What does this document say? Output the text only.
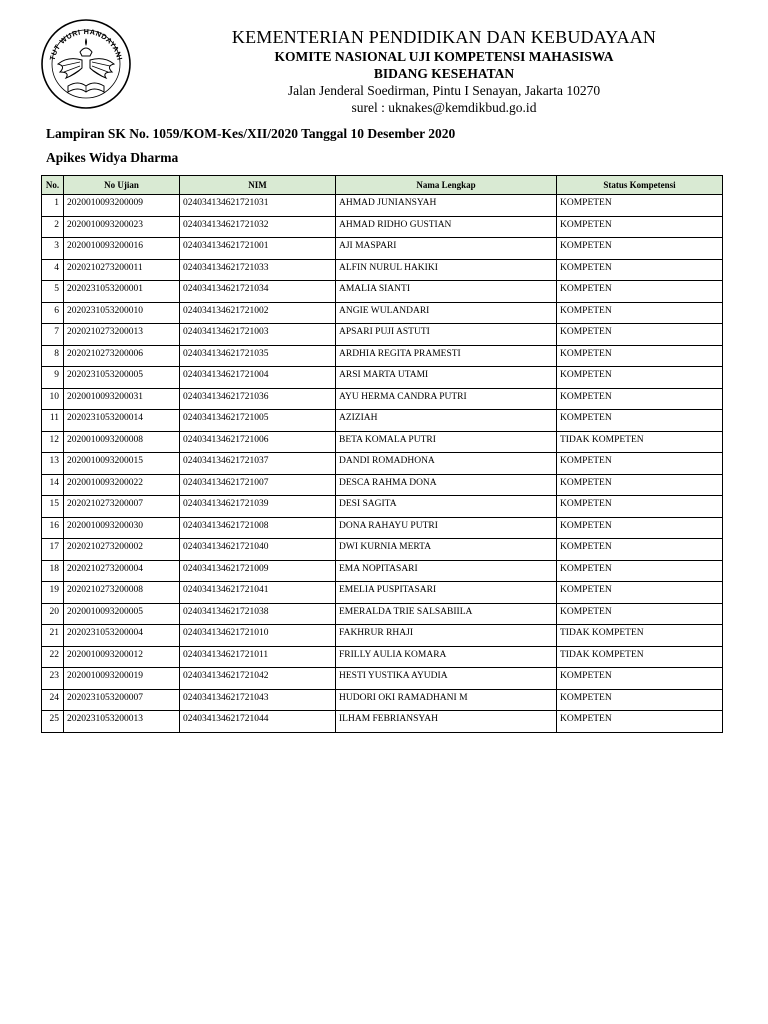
TUT WURI HANDAYANI
KEMENTERIAN PENDIDIKAN DAN KEBUDAYAAN
KOMITE NASIONAL UJI KOMPETENSI MAHASISWA
BIDANG KESEHATAN
Jalan Jenderal Soedirman, Pintu I Senayan, Jakarta 10270
surel : uknakes@kemdikbud.go.id
Lampiran SK No. 1059/KOM-Kes/XII/2020 Tanggal 10 Desember 2020
Apikes Widya Dharma
No.	No Ujian	NIM	Nama Lengkap	Status Kompetensi
1	2020010093200009	024034134621721031	AHMAD JUNIANSYAH	KOMPETEN
2	2020010093200023	024034134621721032	AHMAD RIDHO GUSTIAN	KOMPETEN
3	2020010093200016	024034134621721001	AJI MASPARI	KOMPETEN
4	2020210273200011	024034134621721033	ALFIN NURUL HAKIKI	KOMPETEN
5	2020231053200001	024034134621721034	AMALIA SIANTI	KOMPETEN
6	2020231053200010	024034134621721002	ANGIE WULANDARI	KOMPETEN
7	2020210273200013	024034134621721003	APSARI PUJI ASTUTI	KOMPETEN
8	2020210273200006	024034134621721035	ARDHIA REGITA PRAMESTI	KOMPETEN
9	2020231053200005	024034134621721004	ARSI MARTA UTAMI	KOMPETEN
10	2020010093200031	024034134621721036	AYU HERMA CANDRA PUTRI	KOMPETEN
11	2020231053200014	024034134621721005	AZIZIAH	KOMPETEN
12	2020010093200008	024034134621721006	BETA KOMALA PUTRI	TIDAK KOMPETEN
13	2020010093200015	024034134621721037	DANDI ROMADHONA	KOMPETEN
14	2020010093200022	024034134621721007	DESCA RAHMA DONA	KOMPETEN
15	2020210273200007	024034134621721039	DESI SAGITA	KOMPETEN
16	2020010093200030	024034134621721008	DONA RAHAYU PUTRI	KOMPETEN
17	2020210273200002	024034134621721040	DWI KURNIA MERTA	KOMPETEN
18	2020210273200004	024034134621721009	EMA NOPITASARI	KOMPETEN
19	2020210273200008	024034134621721041	EMELIA PUSPITASARI	KOMPETEN
20	2020010093200005	024034134621721038	EMERALDA TRIE SALSABIILA	KOMPETEN
21	2020231053200004	024034134621721010	FAKHRUR RHAJI	TIDAK KOMPETEN
22	2020010093200012	024034134621721011	FRILLY AULIA KOMARA	TIDAK KOMPETEN
23	2020010093200019	024034134621721042	HESTI YUSTIKA AYUDIA	KOMPETEN
24	2020231053200007	024034134621721043	HUDORI OKI RAMADHANI M	KOMPETEN
25	2020231053200013	024034134621721044	ILHAM FEBRIANSYAH	KOMPETEN
